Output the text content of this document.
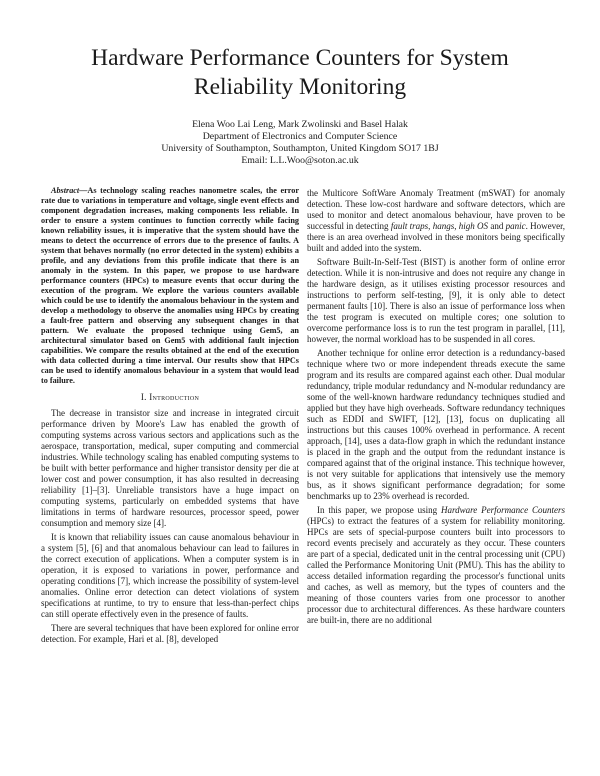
Hardware Performance Counters for System Reliability Monitoring
Elena Woo Lai Leng, Mark Zwolinski and Basel Halak
Department of Electronics and Computer Science
University of Southampton, Southampton, United Kingdom SO17 1BJ
Email: L.L.Woo@soton.ac.uk

Abstract—As technology scaling reaches nanometre scales, the error rate due to variations in temperature and voltage, single event effects and component degradation increases, making components less reliable. In order to ensure a system continues to function correctly while facing known reliability issues, it is imperative that the system should have the means to detect the occurrence of errors due to the presence of faults. A system that behaves normally (no error detected in the system) exhibits a profile, and any deviations from this profile indicate that there is an anomaly in the system. In this paper, we propose to use hardware performance counters (HPCs) to measure events that occur during the execution of the program. We explore the various counters available which could be use to identify the anomalous behaviour in the system and develop a methodology to observe the anomalies using HPCs by creating a fault-free pattern and observing any subsequent changes in that pattern. We evaluate the proposed technique using Gem5, an architectural simulator based on Gem5 with additional fault injection capabilities. We compare the results obtained at the end of the execution with data collected during a time interval. Our results show that HPCs can be used to identify anomalous behaviour in a system that would lead to failure.

I. Introduction

The decrease in transistor size and increase in integrated circuit performance driven by Moore's Law has enabled the growth of computing systems across various sectors and applications such as the aerospace, transportation, medical, super computing and commercial industries. While technology scaling has enabled computing systems to be built with better performance and higher transistor density per die at lower cost and power consumption, it has also resulted in decreasing reliability [1]–[3]. Unreliable transistors have a huge impact on computing systems, particularly on embedded systems that have limitations in terms of hardware resources, processor speed, power consumption and memory size [4].

It is known that reliability issues can cause anomalous behaviour in a system [5], [6] and that anomalous behaviour can lead to failures in the correct execution of applications. When a computer system is in operation, it is exposed to variations in power, performance and operating conditions [7], which increase the possibility of system-level anomalies. Online error detection can detect violations of system specifications at runtime, to try to ensure that less-than-perfect chips can still operate effectively even in the presence of faults.

There are several techniques that have been explored for online error detection. For example, Hari et al. [8], developed

the Multicore SoftWare Anomaly Treatment (mSWAT) for anomaly detection. These low-cost hardware and software detectors, which are used to monitor and detect anomalous behaviour, have proven to be successful in detecting fault traps, hangs, high OS and panic. However, there is an area overhead involved in these monitors being specifically built and added into the system.

Software Built-In-Self-Test (BIST) is another form of online error detection. While it is non-intrusive and does not require any change in the hardware design, as it utilises existing processor resources and instructions to perform self-testing, [9], it is only able to detect permanent faults [10]. There is also an issue of performance loss when the test program is executed on multiple cores; one solution to overcome performance loss is to run the test program in parallel, [11], however, the normal workload has to be suspended in all cores.

Another technique for online error detection is a redundancy-based technique where two or more independent threads execute the same program and its results are compared against each other. Dual modular redundancy, triple modular redundancy and N-modular redundancy are some of the well-known hardware redundancy techniques studied and applied but they have high overheads. Software redundancy techniques such as EDDI and SWIFT, [12], [13], focus on duplicating all instructions but this causes 100% overhead in performance. A recent approach, [14], uses a data-flow graph in which the redundant instance is placed in the graph and the output from the redundant instance is compared against that of the original instance. This technique however, is not very suitable for applications that intensively use the memory bus, as it shows significant performance degradation; for some benchmarks up to 23% overhead is recorded.

In this paper, we propose using Hardware Performance Counters (HPCs) to extract the features of a system for reliability monitoring. HPCs are sets of special-purpose counters built into processors to record events precisely and accurately as they occur. These counters are part of a special, dedicated unit in the central processing unit (CPU) called the Performance Monitoring Unit (PMU). This has the ability to access detailed information regarding the processor's functional units and caches, as well as memory, but the types of counters and the meaning of those counters varies from one processor to another processor due to architectural differences. As these hardware counters are built-in, there are no additional
